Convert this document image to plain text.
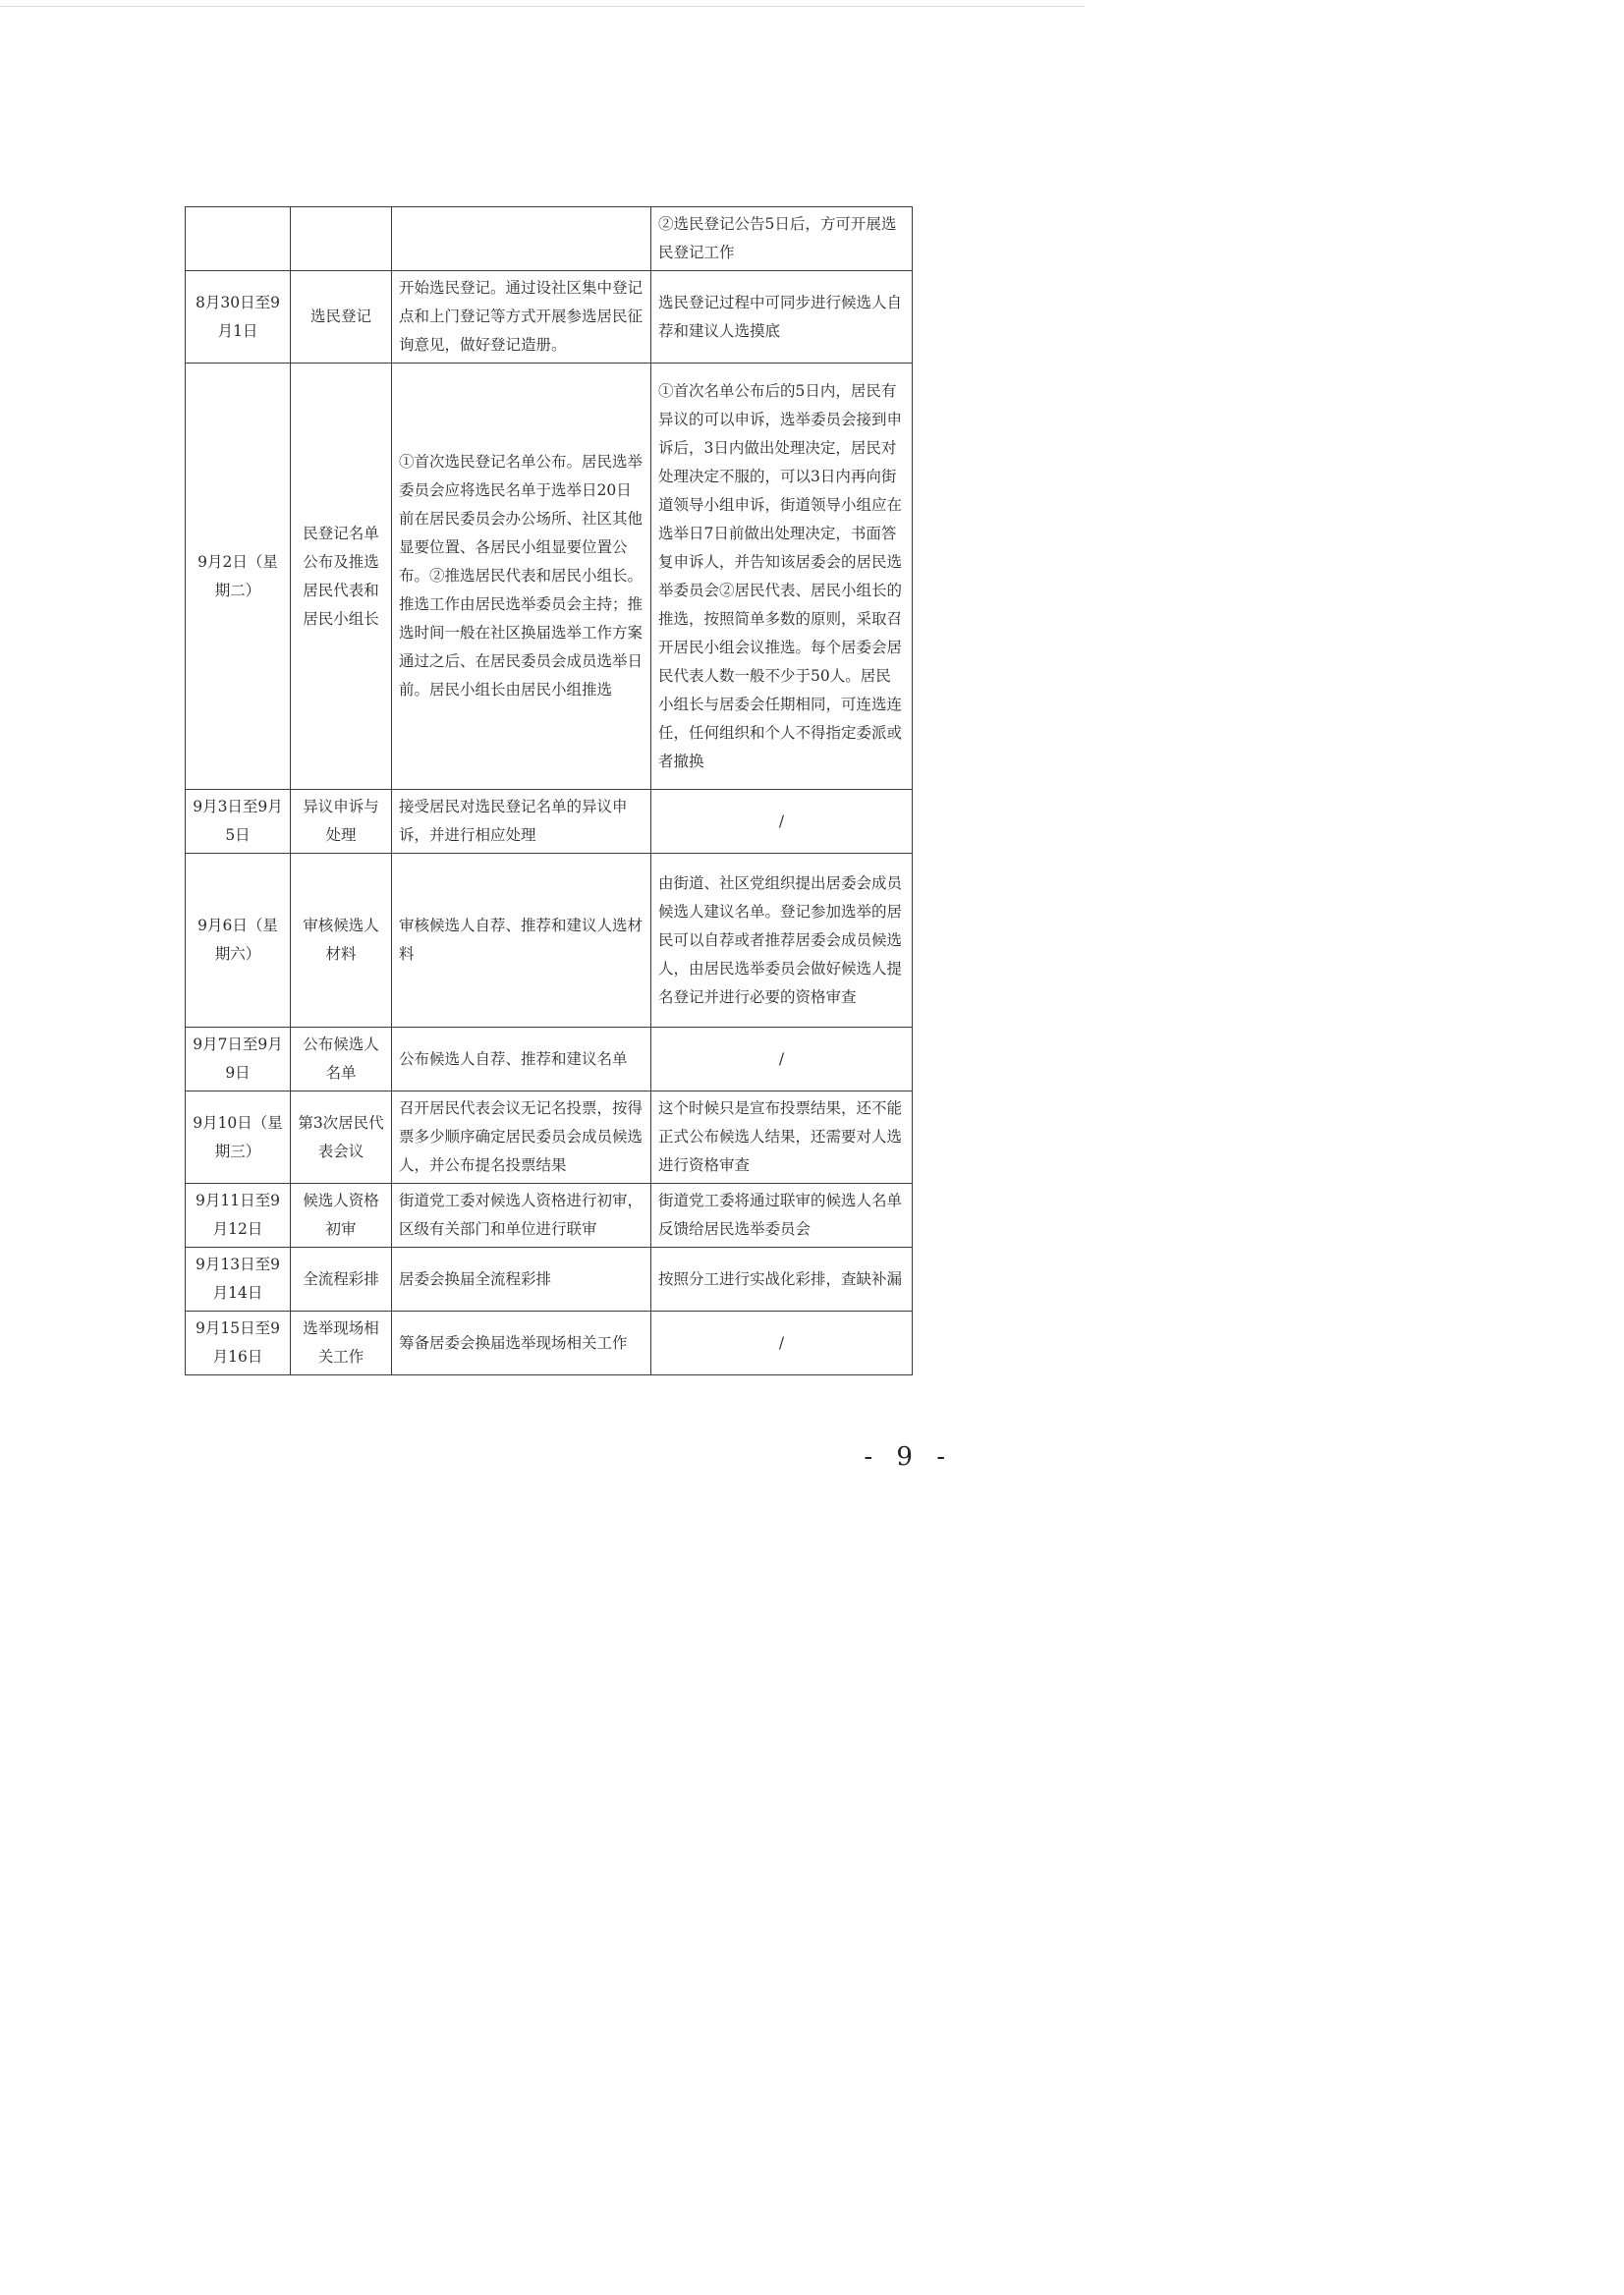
			②选民登记公告5日后，方可开展选民登记工作
8月30日至9月1日	选民登记	开始选民登记。通过设社区集中登记点和上门登记等方式开展参选居民征询意见，做好登记造册。	选民登记过程中可同步进行候选人自荐和建议人选摸底
9月2日（星期二）	民登记名单公布及推选居民代表和居民小组长	①首次选民登记名单公布。居民选举委员会应将选民名单于选举日20日前在居民委员会办公场所、社区其他显要位置、各居民小组显要位置公布。②推选居民代表和居民小组长。推选工作由居民选举委员会主持；推选时间一般在社区换届选举工作方案通过之后、在居民委员会成员选举日前。居民小组长由居民小组推选	①首次名单公布后的5日内，居民有异议的可以申诉，选举委员会接到申诉后，3日内做出处理决定，居民对处理决定不服的，可以3日内再向街道领导小组申诉，街道领导小组应在选举日7日前做出处理决定，书面答复申诉人，并告知该居委会的居民选举委员会②居民代表、居民小组长的推选，按照简单多数的原则，采取召开居民小组会议推选。每个居委会居民代表人数一般不少于50人。居民小组长与居委会任期相同，可连选连任，任何组织和个人不得指定委派或者撤换
9月3日至9月5日	异议申诉与处理	接受居民对选民登记名单的异议申诉，并进行相应处理	/
9月6日（星期六）	审核候选人材料	审核候选人自荐、推荐和建议人选材料	由街道、社区党组织提出居委会成员候选人建议名单。登记参加选举的居民可以自荐或者推荐居委会成员候选人，由居民选举委员会做好候选人提名登记并进行必要的资格审查
9月7日至9月9日	公布候选人名单	公布候选人自荐、推荐和建议名单	/
9月10日（星期三）	第3次居民代表会议	召开居民代表会议无记名投票，按得票多少顺序确定居民委员会成员候选人，并公布提名投票结果	这个时候只是宣布投票结果，还不能正式公布候选人结果，还需要对人选进行资格审查
9月11日至9月12日	候选人资格初审	街道党工委对候选人资格进行初审，区级有关部门和单位进行联审	街道党工委将通过联审的候选人名单反馈给居民选举委员会
9月13日至9月14日	全流程彩排	居委会换届全流程彩排	按照分工进行实战化彩排，查缺补漏
9月15日至9月16日	选举现场相关工作	筹备居委会换届选举现场相关工作	/
- 9 -
